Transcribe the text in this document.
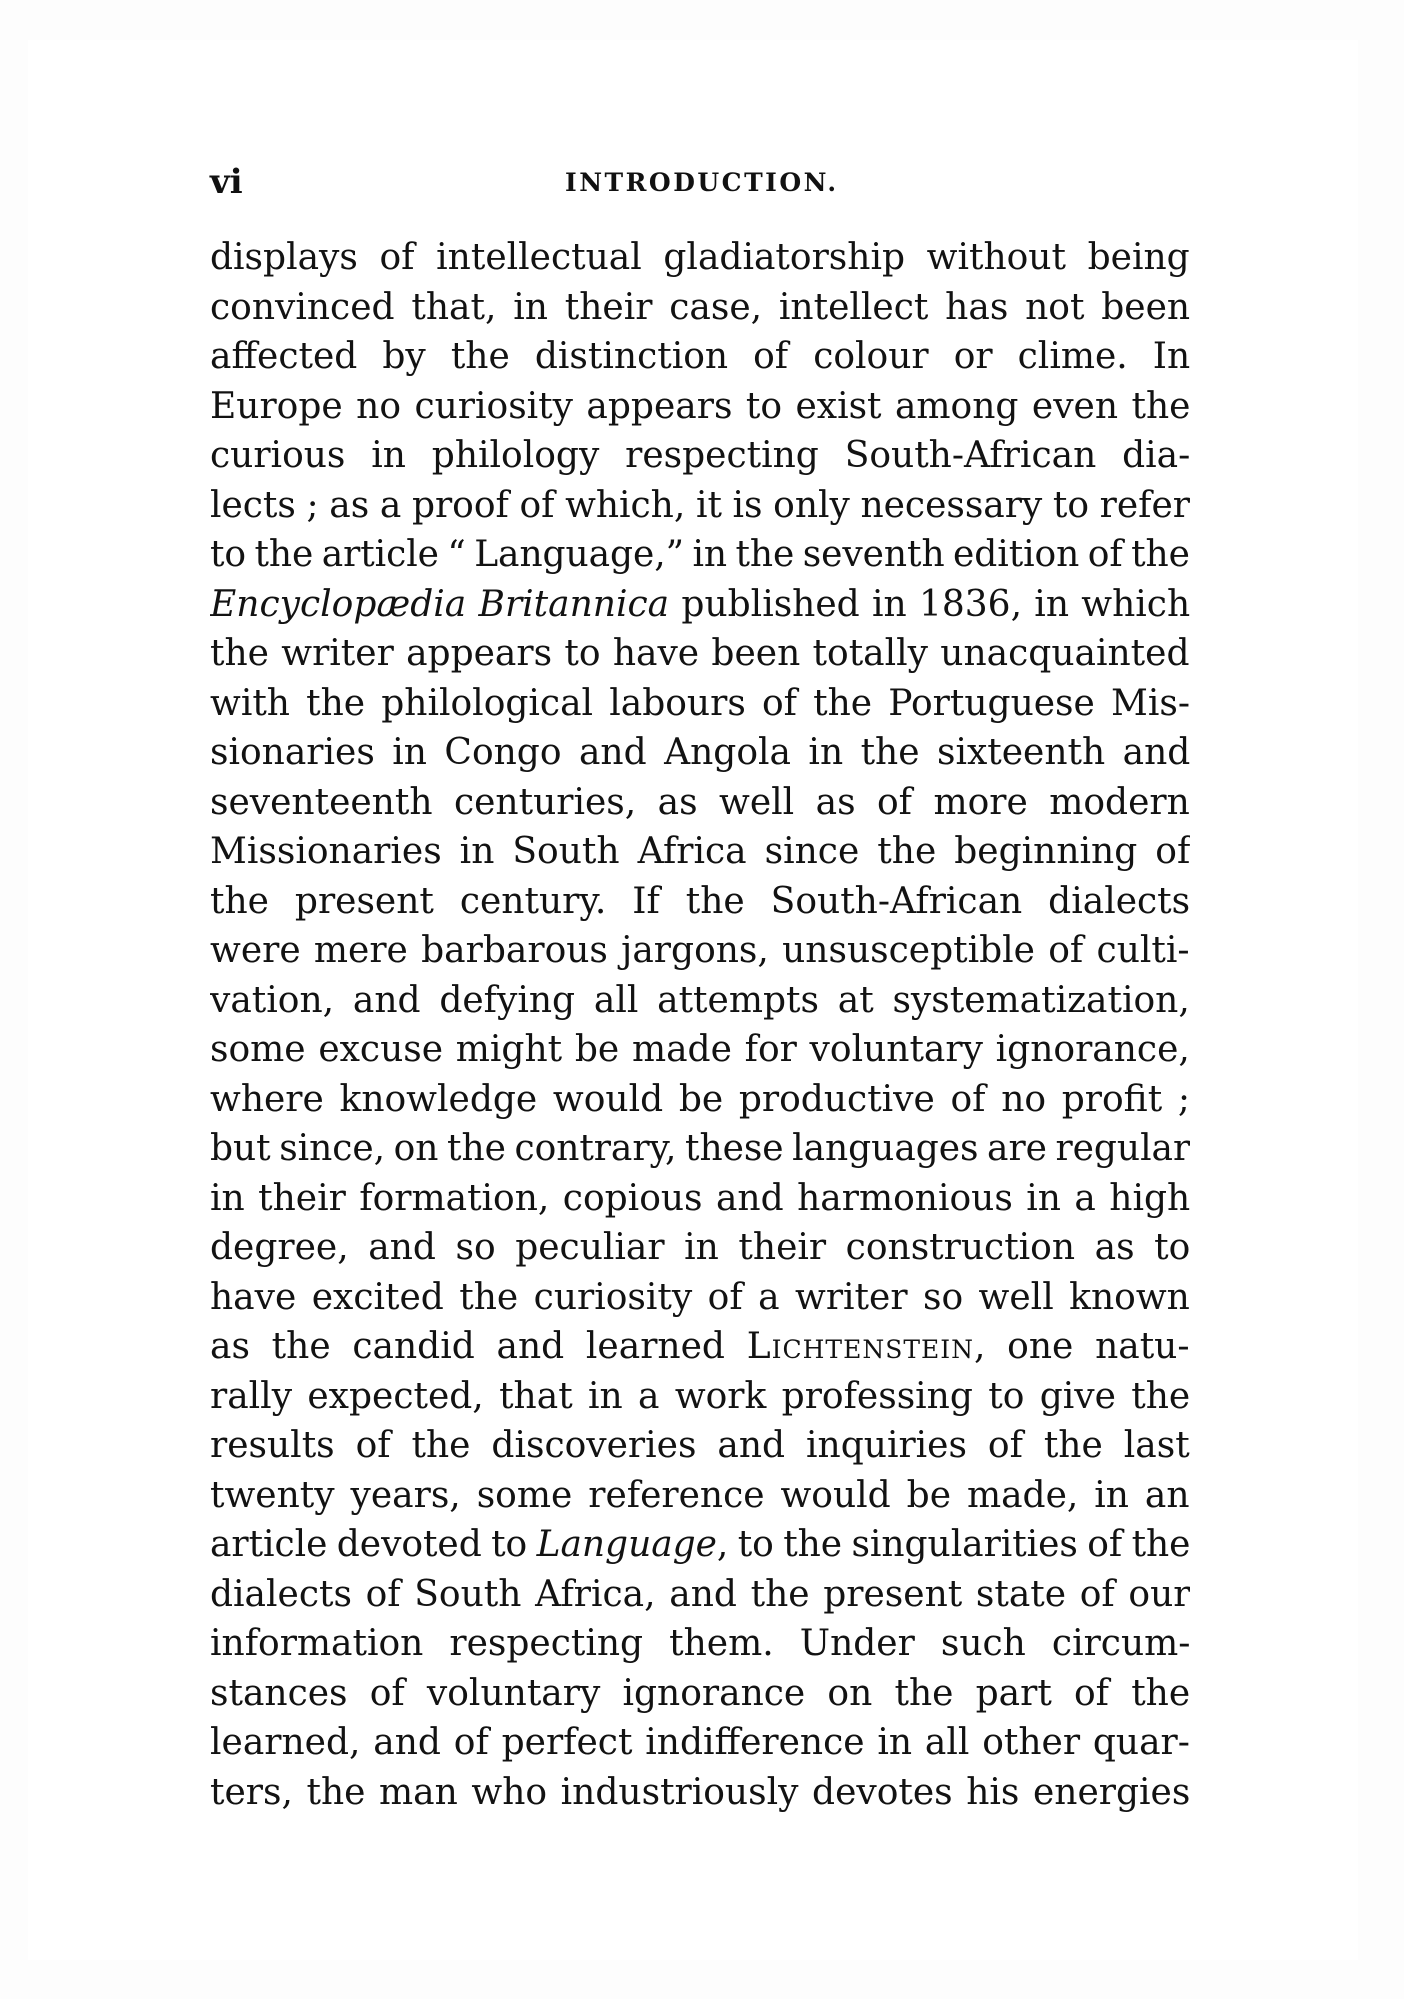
vi	INTRODUCTION.
displays of intellectual gladiatorship without being
convinced that, in their case, intellect has not been
affected by the distinction of colour or clime. In
Europe no curiosity appears to exist among even the
curious in philology respecting South-African dia-
lects ; as a proof of which, it is only necessary to refer
to the article “ Language,” in the seventh edition of the
Encyclopædia Britannica published in 1836, in which
the writer appears to have been totally unacquainted
with the philological labours of the Portuguese Mis-
sionaries in Congo and Angola in the sixteenth and
seventeenth centuries, as well as of more modern
Missionaries in South Africa since the beginning of
the present century. If the South-African dialects
were mere barbarous jargons, unsusceptible of culti-
vation, and defying all attempts at systematization,
some excuse might be made for voluntary ignorance,
where knowledge would be productive of no profit ;
but since, on the contrary, these languages are regular
in their formation, copious and harmonious in a high
degree, and so peculiar in their construction as to
have excited the curiosity of a writer so well known
as the candid and learned Lichtenstein, one natu-
rally expected, that in a work professing to give the
results of the discoveries and inquiries of the last
twenty years, some reference would be made, in an
article devoted to Language, to the singularities of the
dialects of South Africa, and the present state of our
information respecting them. Under such circum-
stances of voluntary ignorance on the part of the
learned, and of perfect indifference in all other quar-
ters, the man who industriously devotes his energies
